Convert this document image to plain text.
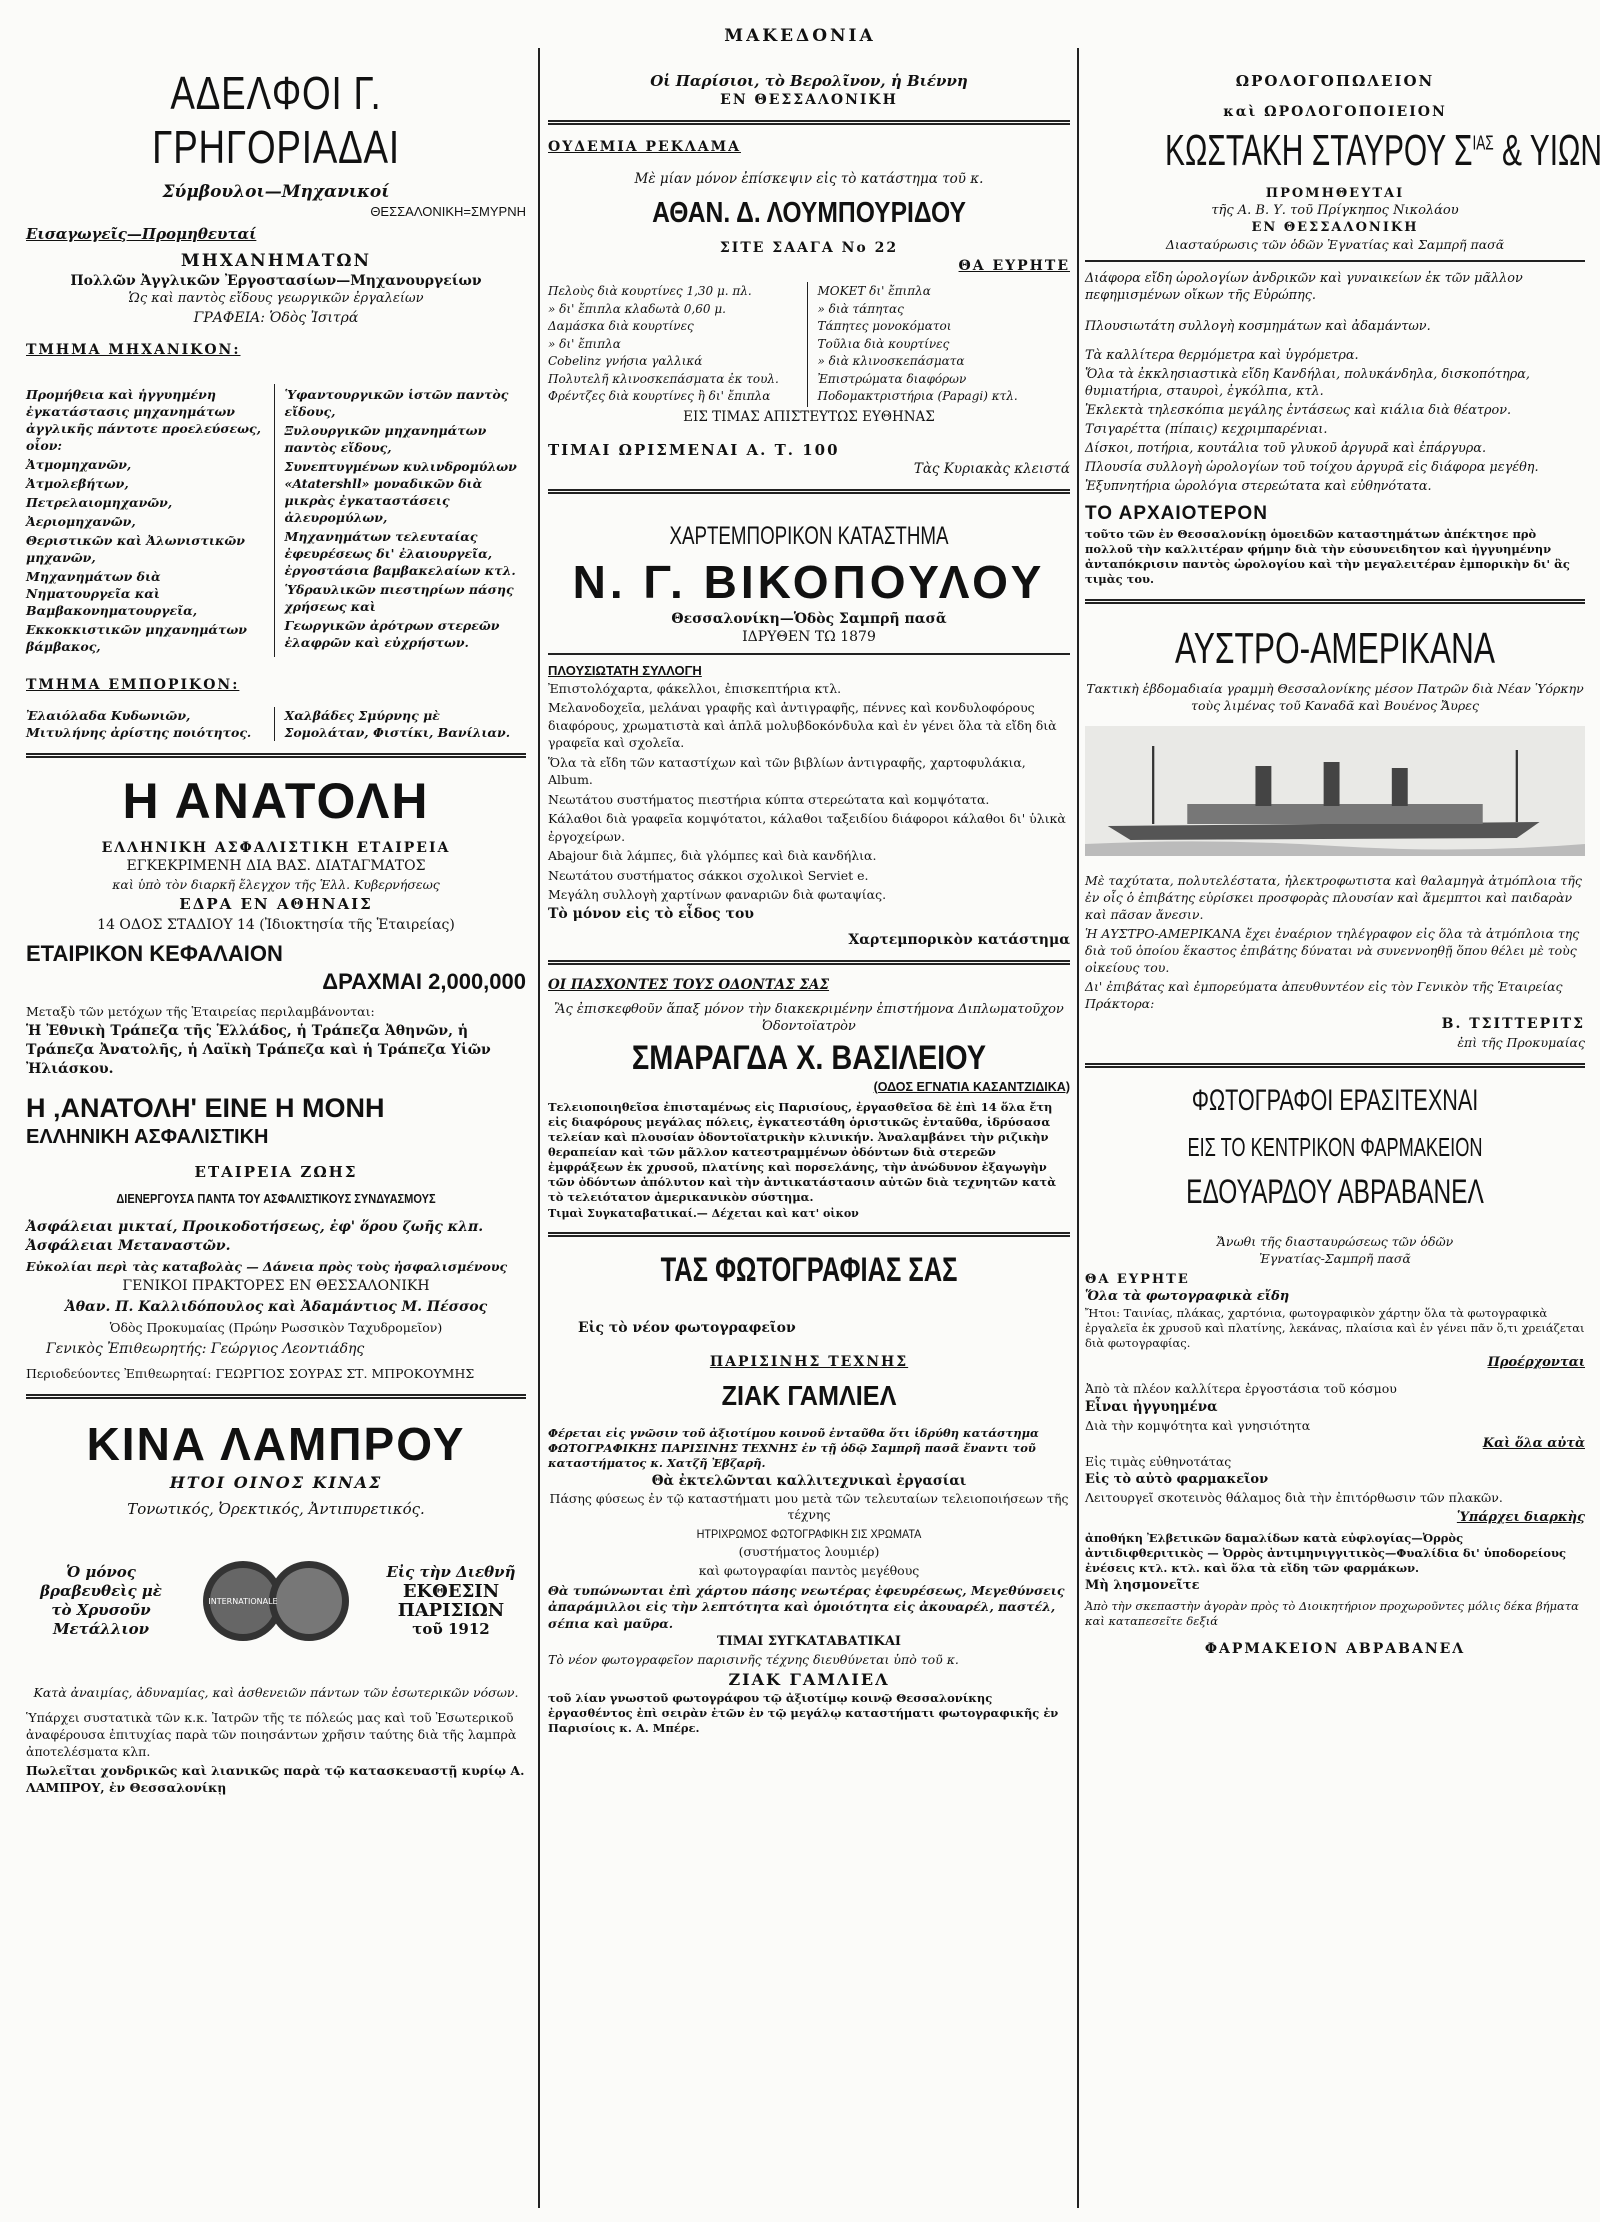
ΜΑΚΕΔΟΝΙΑ
ΑΔΕΛΦΟΙ Γ. ΓΡΗΓΟΡΙΑΔΑΙ

Σύμβουλοι—Μηχανικοί

ΘΕΣΣΑΛΟΝΙΚΗ=ΣΜΥΡΝΗ

Εισαγωγεῖς—Προμηθευταί

ΜΗΧΑΝΗΜΑΤΩΝ

Πολλῶν Ἀγγλικῶν Ἐργοστασίων—Μηχανουργείων

Ὡς καὶ παντὸς εἴδους γεωργικῶν ἐργαλείων

ΓΡΑΦΕΙΑ: Ὁδὸς Ἰσιτρά

ΤΜΗΜΑ ΜΗΧΑΝΙΚΟΝ:

Προμήθεια καὶ ἡγγυημένη ἐγκατάστασις μηχανημάτων ἀγγλικῆς πάντοτε προελεύσεως, οἷον:

Ἀτμομηχανῶν,

Ἀτμολεβήτων,

Πετρελαιομηχανῶν,

Ἀεριομηχανῶν,

Θεριστικῶν καὶ Ἀλωνιστικῶν μηχανῶν,

Μηχανημάτων διὰ Νηματουργεῖα καὶ Βαμβακονηματουργεῖα,

Εκκοκκιστικῶν μηχανημάτων βάμβακος,

Ὑφαντουργικῶν ἱστῶν παντὸς εἴδους,

Ξυλουργικῶν μηχανημάτων παντὸς εἴδους,

Συνεπτυγμένων κυλινδρομύλων «Atatershll» μοναδικῶν διὰ μικρὰς ἐγκαταστάσεις ἀλευρομύλων,

Μηχανημάτων τελευταίας ἐφευρέσεως δι' ἐλαιουργεῖα, ἐργοστάσια βαμβακελαίων κτλ.

Ὑδραυλικῶν πιεστηρίων πάσης χρήσεως καὶ

Γεωργικῶν ἀρότρων στερεῶν ἐλαφρῶν καὶ εὐχρήστων.

ΤΜΗΜΑ ΕΜΠΟΡΙΚΟΝ:

Ἐλαιόλαδα Κυδωνιῶν, Μιτυλήνης ἀρίστης ποιότητος.
Χαλβάδες Σμύρνης μὲ Σομολάταν, Φιστίκι, Βανίλιαν.
Η ΑΝΑΤΟΛΗ

ΕΛΛΗΝΙΚΗ ΑΣΦΑΛΙΣΤΙΚΗ ΕΤΑΙΡΕΙΑ

ΕΓΚΕΚΡΙΜΕΝΗ ΔΙΑ ΒΑΣ. ΔΙΑΤΑΓΜΑΤΟΣ

καὶ ὑπὸ τὸν διαρκῆ ἔλεγχον τῆς Ἑλλ. Κυβερνήσεως

ΕΔΡΑ ΕΝ ΑΘΗΝΑΙΣ

14 ΟΔΟΣ ΣΤΑΔΙΟΥ 14 (Ἰδιοκτησία τῆς Ἑταιρείας)

ΕΤΑΙΡΙΚΟΝ ΚΕΦΑΛΑΙΟΝ

ΔΡΑΧΜΑΙ 2,000,000

Μεταξὺ τῶν μετόχων τῆς Ἑταιρείας περιλαμβάνονται:

Ἡ Ἐθνικὴ Τράπεζα τῆς Ἑλλάδος, ἡ Τράπεζα Ἀθηνῶν, ἡ Τράπεζα Ἀνατολῆς, ἡ Λαϊκὴ Τράπεζα καὶ ἡ Τράπεζα Υἱῶν Ἠλιάσκου.

Η ‚ΑΝΑΤΟΛΗ' ΕΙΝΕ Η ΜΟΝΗ

ΕΛΛΗΝΙΚΗ ΑΣΦΑΛΙΣΤΙΚΗ

ΕΤΑΙΡΕΙΑ ΖΩΗΣ

ΔΙΕΝΕΡΓΟΥΣΑ ΠΑΝΤΑ ΤΟΥ ΑΣΦΑΛΙΣΤΙΚΟΥΣ ΣΥΝΔΥΑΣΜΟΥΣ

Ἀσφάλειαι μικταί, Προικοδοτήσεως, ἐφ' ὅρου ζωῆς κλπ. Ἀσφάλειαι Μεταναστῶν.

Εὐκολίαι περὶ τὰς καταβολὰς — Δάνεια πρὸς τοὺς ἠσφαλισμένους

ΓΕΝΙΚΟΙ ΠΡΑΚΤΟΡΕΣ ΕΝ ΘΕΣΣΑΛΟΝΙΚΗ

Ἀθαν. Π. Καλλιδόπουλος καὶ Ἀδαμάντιος Μ. Πέσσος

Ὁδὸς Προκυμαίας (Πρώην Ρωσσικὸν Ταχυδρομεῖον)

Γενικὸς Ἐπιθεωρητής: Γεώργιος Λεοντιάδης

Περιοδεύοντες Ἐπιθεωρηταί: ΓΕΩΡΓΙΟΣ ΣΟΥΡΑΣ ΣΤ. ΜΠΡΟΚΟΥΜΗΣ

ΚΙΝΑ ΛΑΜΠΡΟΥ

ΗΤΟΙ ΟΙΝΟΣ ΚΙΝΑΣ

Τονωτικός, Ὀρεκτικός, Ἀντιπυρετικός.

Ὁ μόνος
βραβευθεὶς μὲ
τὸ Χρυσοῦν
Μετάλλιον
INTERNATIONALE
Εἰς τὴν Διεθνῆ
ΕΚΘΕΣΙΝ
ΠΑΡΙΣΙΩΝ
τοῦ 1912

Κατὰ ἀναιμίας, ἀδυναμίας, καὶ ἀσθενειῶν πάντων τῶν ἐσωτερικῶν νόσων.

Ὑπάρχει συστατικὰ τῶν κ.κ. Ἰατρῶν τῆς τε πόλεώς μας καὶ τοῦ Ἐσωτερικοῦ ἀναφέρουσα ἐπιτυχίας παρὰ τῶν ποιησάντων χρῆσιν ταύτης διὰ τῆς λαμπρὰ ἀποτελέσματα κλπ.

Πωλεῖται χονδρικῶς καὶ λιανικῶς παρὰ τῷ κατασκευαστῇ κυρίῳ Α. ΛΑΜΠΡΟΥ, ἐν Θεσσαλονίκῃ

Οἱ Παρίσιοι, τὸ Βερολῖνον, ἡ Βιέννη

ΕΝ ΘΕΣΣΑΛΟΝΙΚΗ

ΟΥΔΕΜΙΑ ΡΕΚΛΑΜΑ

Μὲ μίαν μόνον ἐπίσκεψιν εἰς τὸ κατάστημα τοῦ κ.

ΑΘΑΝ. Δ. ΛΟΥΜΠΟΥΡΙΔΟΥ

ΣΙΤΕ ΣΑΑΓΑ Νο 22

ΘΑ ΕΥΡΗΤΕ

Πελοὺς διὰ κουρτίνες 1,30 μ. πλ.

» δι' ἔπιπλα κλαδωτὰ 0,60 μ.

Δαμάσκα διὰ κουρτίνες

» δι' ἔπιπλα

Cobelinz γνήσια γαλλικά

Πολυτελῆ κλινοσκεπάσματα ἐκ τουλ.

Φρέντζες διὰ κουρτίνες ἢ δι' ἔπιπλα

ΜΟΚΕΤ δι' ἔπιπλα

» διὰ τάπητας

Τάπητες μονοκόματοι

Τοῦλια διὰ κουρτίνες

» διὰ κλινοσκεπάσματα

Ἐπιστρώματα διαφόρων

Ποδομακτριστήρια (Papagi) κτλ.

ΕΙΣ ΤΙΜΑΣ ΑΠΙΣΤΕΥΤΩΣ ΕΥΘΗΝΑΣ

ΤΙΜΑΙ ΩΡΙΣΜΕΝΑΙ Α. Τ. 100

Τὰς Κυριακὰς κλειστά

ΧΑΡΤΕΜΠΟΡΙΚΟΝ ΚΑΤΑΣΤΗΜΑ
Ν. Γ. ΒΙΚΟΠΟΥΛΟΥ

Θεσσαλονίκη—Ὁδὸς Σαμπρῆ πασᾶ

ΙΔΡΥΘΕΝ ΤΩ 1879

ΠΛΟΥΣΙΩΤΑΤΗ ΣΥΛΛΟΓΗ

Ἐπιστολόχαρτα, φάκελλοι, ἐπισκεπτήρια κτλ.

Μελανοδοχεῖα, μελάναι γραφῆς καὶ ἀντιγραφῆς, πέννες καὶ κονδυλοφόρους διαφόρους, χρωματιστὰ καὶ ἁπλᾶ μολυβδοκόνδυλα καὶ ἐν γένει ὅλα τὰ εἴδη διὰ γραφεῖα καὶ σχολεῖα.

Ὅλα τὰ εἴδη τῶν καταστίχων καὶ τῶν βιβλίων ἀντιγραφῆς, χαρτοφυλάκια, Album.

Νεωτάτου συστήματος πιεστήρια κύπτα στερεώτατα καὶ κομψότατα.

Κάλαθοι διὰ γραφεῖα κομψότατοι, κάλαθοι ταξειδίου διάφοροι κάλαθοι δι' ὑλικὰ ἐργοχείρων.

Abajour διὰ λάμπες, διὰ γλόμπες καὶ διὰ κανδήλια.

Νεωτάτου συστήματος σάκκοι σχολικοὶ Serviet e.

Μεγάλη συλλογὴ χαρτίνων φαναριῶν διὰ φωταψίας.

Τὸ μόνον εἰς τὸ εἶδος του

Χαρτεμπορικὸν κατάστημα

ΟΙ ΠΑΣΧΟΝΤΕΣ ΤΟΥΣ ΟΔΟΝΤΑΣ ΣΑΣ

Ἂς ἐπισκεφθοῦν ἅπαξ μόνον τὴν διακεκριμένην ἐπιστήμονα Διπλωματοῦχον Ὀδοντοϊατρὸν

ΣΜΑΡΑΓΔΑ Χ. ΒΑΣΙΛΕΙΟΥ

(ΟΔΟΣ ΕΓΝΑΤΙΑ ΚΑΣΑΝΤΖΙΔΙΚΑ)

Τελειοποιηθεῖσα ἐπισταμένως εἰς Παρισίους, ἐργασθεῖσα δὲ ἐπὶ 14 ὅλα ἔτη εἰς διαφόρους μεγάλας πόλεις, ἐγκατεστάθη ὁριστικῶς ἐνταῦθα, ἱδρύσασα τελείαν καὶ πλουσίαν ὀδοντοϊατρικὴν κλινικήν. Ἀναλαμβάνει τὴν ριζικὴν θεραπείαν καὶ τῶν μᾶλλον κατεστραμμένων ὀδόντων διὰ στερεῶν ἐμφράξεων ἐκ χρυσοῦ, πλατίνης καὶ πορσελάνης, τὴν ἀνώδυνον ἐξαγωγὴν τῶν ὀδόντων ἀπόλυτον καὶ τὴν ἀντικατάστασιν αὐτῶν διὰ τεχνητῶν κατὰ τὸ τελειότατον ἀμερικανικὸν σύστημα.

Τιμαὶ Συγκαταβατικαί.— Δέχεται καὶ κατ' οἰκον

ΤΑΣ ΦΩΤΟΓΡΑΦΙΑΣ ΣΑΣ

Εἰς τὸ νέον φωτογραφεῖον

ΠΑΡΙΣΙΝΗΣ ΤΕΧΝΗΣ

ΖΙΑΚ ΓΑΜΛΙΕΛ

Φέρεται εἰς γνῶσιν τοῦ ἀξιοτίμου κοινοῦ ἐνταῦθα ὅτι ἱδρύθη κατάστημα ΦΩΤΟΓΡΑΦΙΚΗΣ ΠΑΡΙΣΙΝΗΣ ΤΕΧΝΗΣ ἐν τῇ ὁδῷ Σαμπρῆ πασᾶ ἔναντι τοῦ καταστήματος κ. Χατζῆ Ἐβζαρῆ.

Θὰ ἐκτελῶνται καλλιτεχνικαὶ ἐργασίαι

Πάσης φύσεως ἐν τῷ καταστήματι μου μετὰ τῶν τελευταίων τελειοποιήσεων τῆς τέχνης

ΗΤΡΙΧΡΩΜΟΣ ΦΩΤΟΓΡΑΦΙΚΗ ΣΙΣ ΧΡΩΜΑΤΑ

(συστήματος λουμιέρ)

καὶ φωτογραφίαι παντὸς μεγέθους

Θὰ τυπώνωνται ἐπὶ χάρτου πάσης νεωτέρας ἐφευρέσεως, Μεγεθύνσεις ἀπαράμιλλοι εἰς τὴν λεπτότητα καὶ ὁμοιότητα εἰς ἀκουαρέλ, παστέλ, σέπια καὶ μαῦρα.

ΤΙΜΑΙ ΣΥΓΚΑΤΑΒΑΤΙΚΑΙ

Τὸ νέον φωτογραφεῖον παρισινῆς τέχνης διευθύνεται ὑπὸ τοῦ κ.

ΖΙΑΚ ΓΑΜΛΙΕΛ

τοῦ λίαν γνωστοῦ φωτογράφου τῷ ἀξιοτίμῳ κοινῷ Θεσσαλονίκης ἐργασθέντος ἐπὶ σειρὰν ἐτῶν ἐν τῷ μεγάλῳ καταστήματι φωτογραφικῆς ἐν Παρισίοις κ. Α. Μπέρε.

ΩΡΟΛΟΓΟΠΩΛΕΙΟΝ

καὶ ΩΡΟΛΟΓΟΠΟΙΕΙΟΝ

ΚΩΣΤΑΚΗ ΣΤΑΥΡΟΥ $\Sigma^{IA\Sigma}$ & ΥΙΩΝ

ΠΡΟΜΗΘΕΥΤΑΙ

τῆς Α. Β. Υ. τοῦ Πρίγκηπος Νικολάου

ΕΝ ΘΕΣΣΑΛΟΝΙΚΗ

Διασταύρωσις τῶν ὁδῶν Ἐγνατίας καὶ Σαμπρῆ πασᾶ

Διάφορα εἴδη ὡρολογίων ἀνδρικῶν καὶ γυναικείων ἐκ τῶν μᾶλλον πεφημισμένων οἴκων τῆς Εὐρώπης.

Πλουσιωτάτη συλλογὴ κοσμημάτων καὶ ἀδαμάντων.

Τὰ καλλίτερα θερμόμετρα καὶ ὑγρόμετρα.

Ὅλα τὰ ἐκκλησιαστικὰ εἴδη Κανδήλαι, πολυκάνδηλα, δισκοπότηρα, θυμιατήρια, σταυροὶ, ἐγκόλπια, κτλ.

Ἐκλεκτὰ τηλεσκόπια μεγάλης ἐντάσεως καὶ κιάλια διὰ θέατρον.

Τσιγαρέττα (πίπαις) κεχριμπαρένιαι.

Δίσκοι, ποτήρια, κουτάλια τοῦ γλυκοῦ ἀργυρᾶ καὶ ἐπάργυρα.

Πλουσία συλλογὴ ὡρολογίων τοῦ τοίχου ἀργυρᾶ εἰς διάφορα μεγέθη.

Ἐξυπνητήρια ὡρολόγια στερεώτατα καὶ εὐθηνότατα.

ΤΟ ΑΡΧΑΙΟΤΕΡΟΝ

τοῦτο τῶν ἐν Θεσσαλονίκῃ ὁμοειδῶν καταστημάτων ἀπέκτησε πρὸ πολλοῦ τὴν καλλιτέραν φήμην διὰ τὴν εὐσυνειδητον καὶ ἠγγυημένην ἀνταπόκρισιν παντὸς ὡρολογίου καὶ τὴν μεγαλειτέραν ἐμπορικὴν δι' ἃς τιμὰς του.

ΑΥΣΤΡΟ-ΑΜΕΡΙΚΑΝΑ

Τακτικὴ ἑβδομαδιαία γραμμὴ Θεσσαλονίκης μέσον Πατρῶν διὰ Νέαν Ὑόρκην τοὺς λιμένας τοῦ Καναδᾶ καὶ Βουένος Ἄυρες

Μὲ ταχύτατα, πολυτελέστατα, ἠλεκτροφωτιστα καὶ θαλαμηγὰ ἀτμόπλοια τῆς ἐν οἷς ὁ ἐπιβάτης εὑρίσκει προσφορὰς πλουσίαν καὶ ἄμεμπτοι καὶ παιδαρὰν καὶ πᾶσαν ἄνεσιν.

Ἡ ΑΥΣΤΡΟ-ΑΜΕΡΙΚΑΝΑ ἔχει ἐναέριον τηλέγραφον εἰς ὅλα τὰ ἀτμόπλοια της διὰ τοῦ ὁποίου ἕκαστος ἐπιβάτης δύναται νὰ συνεννοηθῇ ὅπου θέλει μὲ τοὺς οἰκείους του.

Δι' ἐπιβάτας καὶ ἐμπορεύματα ἀπευθυντέον εἰς τὸν Γενικὸν τῆς Ἑταιρείας Πράκτορα:

Β. ΤΣΙΤΤΕΡΙΤΣ

ἐπὶ τῆς Προκυμαίας

ΦΩΤΟΓΡΑΦΟΙ ΕΡΑΣΙΤΕΧΝΑΙ
ΕΙΣ ΤΟ ΚΕΝΤΡΙΚΟΝ ΦΑΡΜΑΚΕΙΟΝ
ΕΔΟΥΑΡΔΟΥ ΑΒΡΑΒΑΝΕΛ

Ἄνωθι τῆς διασταυρώσεως τῶν ὁδῶν

Ἐγνατίας-Σαμπρῆ πασᾶ

ΘΑ ΕΥΡΗΤΕ

Ὅλα τὰ φωτογραφικὰ εἴδη

Ἤτοι: Ταινίας, πλάκας, χαρτόνια, φωτογραφικὸν χάρτην ὅλα τὰ φωτογραφικὰ ἐργαλεῖα ἐκ χρυσοῦ καὶ πλατίνης, λεκάνας, πλαίσια καὶ ἐν γένει πᾶν ὅ,τι χρειάζεται διὰ φωτογραφίας.

Προέρχονται

Ἀπὸ τὰ πλέον καλλίτερα ἐργοστάσια τοῦ κόσμου

Εἶναι ἠγγυημένα

Διὰ τὴν κομψότητα καὶ γνησιότητα

Καὶ ὅλα αὐτὰ

Εἰς τιμὰς εὐθηνοτάτας

Εἰς τὸ αὐτὸ φαρμακεῖον

Λειτουργεῖ σκοτεινὸς θάλαμος διὰ τὴν ἐπιτόρθωσιν τῶν πλακῶν.

Ὑπάρχει διαρκὴς

ἀποθήκη Ἐλβετικῶν δαμαλίδων κατὰ εὐφλογίας—Ὀρρὸς ἀντιδιφθεριτικὸς — Ὀρρὸς ἀντιμηνιγγιτικὸς—Φυαλίδια δι' ὑποδορείους ἐνέσεις κτλ. κτλ. καὶ ὅλα τὰ εἴδη τῶν φαρμάκων.

Μὴ λησμονεῖτε

Ἀπὸ τὴν σκεπαστὴν ἀγορὰν πρὸς τὸ Διοικητήριον προχωροῦντες μόλις δέκα βήματα καὶ καταπεσεῖτε δεξιά

ΦΑΡΜΑΚΕΙΟΝ ΑΒΡΑΒΑΝΕΛ
